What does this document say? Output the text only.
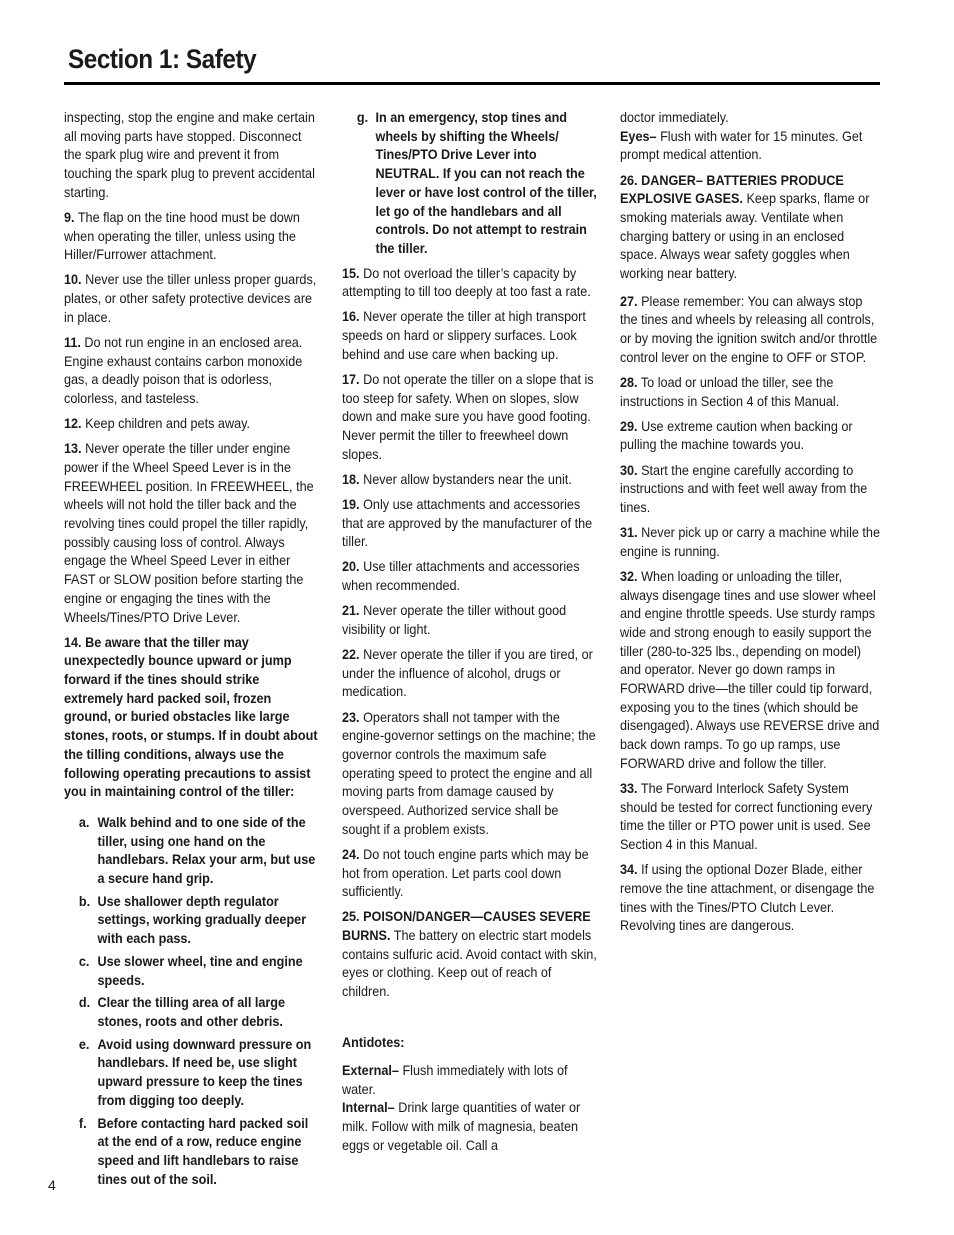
Section 1: Safety

inspecting, stop the engine and make certain all moving parts have stopped. Disconnect the spark plug wire and prevent it from touching the spark plug to prevent accidental starting.

9. The flap on the tine hood must be down when operating the tiller, unless using the Hiller/Furrower attachment.

10. Never use the tiller unless proper guards, plates, or other safety protective devices are in place.

11. Do not run engine in an enclosed area. Engine exhaust contains carbon monoxide gas, a deadly poison that is odorless, colorless, and tasteless.

12. Keep children and pets away.

13. Never operate the tiller under engine power if the Wheel Speed Lever is in the FREEWHEEL position. In FREEWHEEL, the wheels will not hold the tiller back and the revolving tines could propel the tiller rapidly, possibly causing loss of control. Always engage the Wheel Speed Lever in either FAST or SLOW position before starting the engine or engaging the tines with the Wheels/Tines/PTO Drive Lever.

14. Be aware that the tiller may unexpectedly bounce upward or jump forward if the tines should strike extremely hard packed soil, frozen ground, or buried obstacles like large stones, roots, or stumps. If in doubt about the tilling conditions, always use the following operating precautions to assist you in maintaining control of the tiller:

a. Walk behind and to one side of the tiller, using one hand on the handlebars. Relax your arm, but use a secure hand grip.
b. Use shallower depth regulator settings, working gradually deeper with each pass.
c. Use slower wheel, tine and engine speeds.
d. Clear the tilling area of all large stones, roots and other debris.
e. Avoid using downward pressure on handlebars. If need be, use slight upward pressure to keep the tines from digging too deeply.
f. Before contacting hard packed soil at the end of a row, reduce engine speed and lift handlebars to raise tines out of the soil.
g. In an emergency, stop tines and wheels by shifting the Wheels/ Tines/PTO Drive Lever into NEUTRAL. If you can not reach the lever or have lost control of the tiller, let go of the handlebars and all controls. Do not attempt to restrain the tiller.

15. Do not overload the tiller’s capacity by attempting to till too deeply at too fast a rate.

16. Never operate the tiller at high transport speeds on hard or slippery surfaces. Look behind and use care when backing up.

17. Do not operate the tiller on a slope that is too steep for safety. When on slopes, slow down and make sure you have good footing. Never permit the tiller to freewheel down slopes.

18. Never allow bystanders near the unit.

19. Only use attachments and accessories that are approved by the manufacturer of the tiller.

20. Use tiller attachments and accessories when recommended.

21. Never operate the tiller without good visibility or light.

22. Never operate the tiller if you are tired, or under the influence of alcohol, drugs or medication.

23. Operators shall not tamper with the engine-governor settings on the machine; the governor controls the maximum safe operating speed to protect the engine and all moving parts from damage caused by overspeed. Authorized service shall be sought if a problem exists.

24. Do not touch engine parts which may be hot from operation. Let parts cool down sufficiently.

25. POISON/DANGER—CAUSES SEVERE BURNS. The battery on electric start models contains sulfuric acid. Avoid contact with skin, eyes or clothing. Keep out of reach of children.

Antidotes:

External– Flush immediately with lots of water.

Internal– Drink large quantities of water or milk. Follow with milk of magnesia, beaten eggs or vegetable oil. Call a

doctor immediately.

Eyes– Flush with water for 15 minutes. Get prompt medical attention.

26. DANGER– BATTERIES PRODUCE EXPLOSIVE GASES. Keep sparks, flame or smoking materials away. Ventilate when charging battery or using in an enclosed space. Always wear safety goggles when working near battery.

27. Please remember: You can always stop the tines and wheels by releasing all controls, or by moving the ignition switch and/or throttle control lever on the engine to OFF or STOP.

28. To load or unload the tiller, see the instructions in Section 4 of this Manual.

29. Use extreme caution when backing or pulling the machine towards you.

30. Start the engine carefully according to instructions and with feet well away from the tines.

31. Never pick up or carry a machine while the engine is running.

32. When loading or unloading the tiller, always disengage tines and use slower wheel and engine throttle speeds. Use sturdy ramps wide and strong enough to easily support the tiller (280-to-325 lbs., depending on model) and operator. Never go down ramps in FORWARD drive—the tiller could tip forward, exposing you to the tines (which should be disengaged). Always use REVERSE drive and back down ramps. To go up ramps, use FORWARD drive and follow the tiller.

33. The Forward Interlock Safety System should be tested for correct functioning every time the tiller or PTO power unit is used. See Section 4 in this Manual.

34. If using the optional Dozer Blade, either remove the tine attachment, or disengage the tines with the Tines/PTO Clutch Lever. Revolving tines are dangerous.

4
